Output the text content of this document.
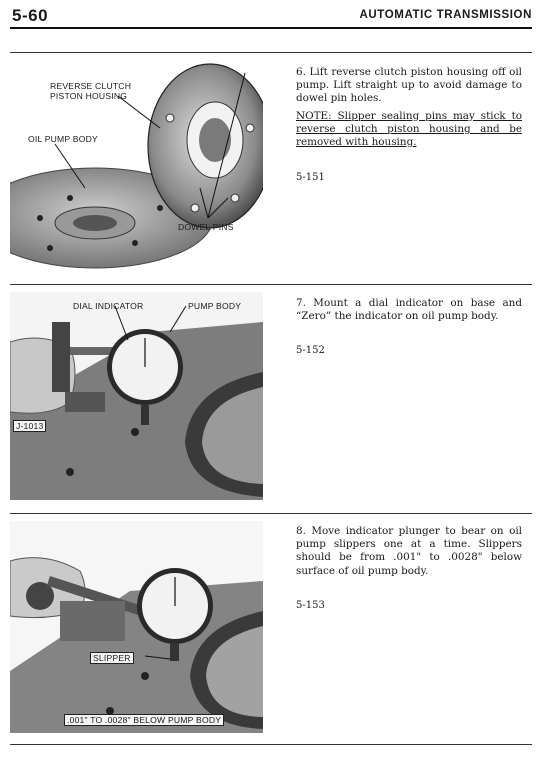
5-60	AUTOMATIC TRANSMISSION
REVERSE CLUTCH
PISTON HOUSING
OIL PUMP BODY
DOWEL PINS

6. Lift reverse clutch piston housing off oil pump. Lift straight up to avoid damage to dowel pin holes.

NOTE: Slipper sealing pins may stick to reverse clutch piston housing and be removed with housing.

5-151
DIAL INDICATOR	PUMP BODY
J-1013

7. Mount a dial indicator on base and “Zero” the indicator on oil pump body.

5-152
SLIPPER
.001" TO .0028" BELOW PUMP BODY

8. Move indicator plunger to bear on oil pump slippers one at a time. Slippers should be from .001" to .0028" below surface of oil pump body.

5-153
